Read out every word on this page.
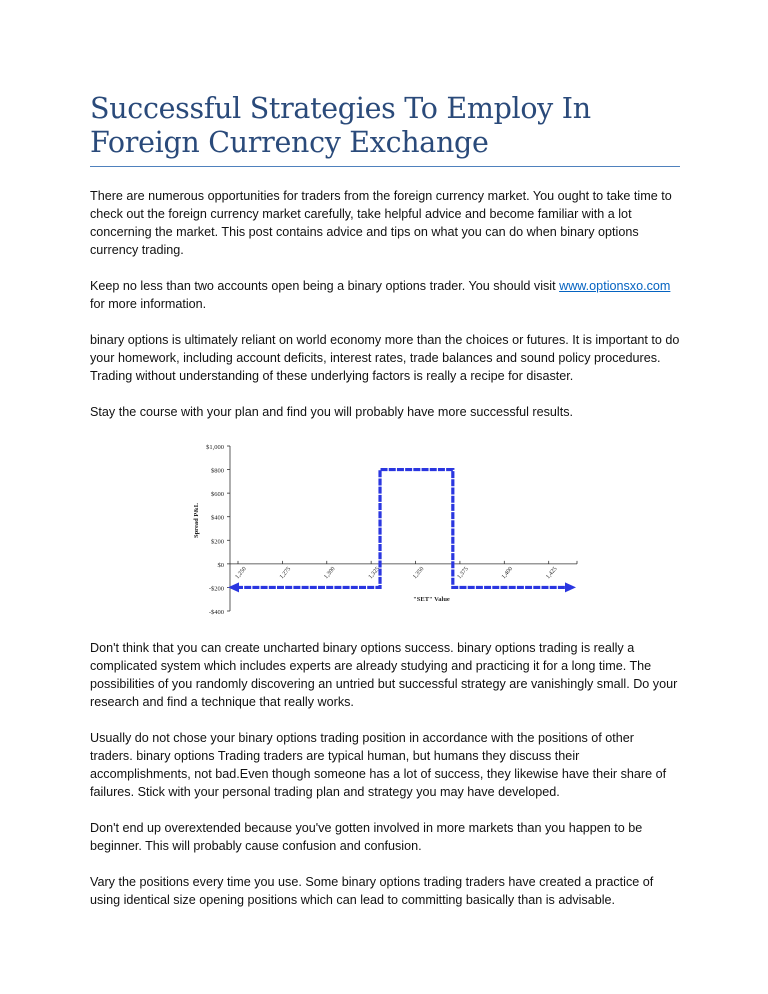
Successful Strategies To Employ In
Foreign Currency Exchange

There are numerous opportunities for traders from the foreign currency market. You ought to take time to check out the foreign currency market carefully, take helpful advice and become familiar with a lot concerning the market. This post contains advice and tips on what you can do when binary options currency trading.

Keep no less than two accounts open being a binary options trader. You should visit www.optionsxo.com for more information.

binary options is ultimately reliant on world economy more than the choices or futures. It is important to do your homework, including account deficits, interest rates, trade balances and sound policy procedures. Trading without understanding of these underlying factors is really a recipe for disaster.

Stay the course with your plan and find you will probably have more successful results.

$1,000
$800
$600
$400
$200
$0
-$200
-$400
Spread P&L
1,250	1,275	1,300	1,325	1,350	1,375	1,400	1,425
"SET" Value

Don't think that you can create uncharted binary options success. binary options trading is really a complicated system which includes experts are already studying and practicing it for a long time. The possibilities of you randomly discovering an untried but successful strategy are vanishingly small. Do your research and find a technique that really works.

Usually do not chose your binary options trading position in accordance with the positions of other traders. binary options Trading traders are typical human, but humans they discuss their accomplishments, not bad.Even though someone has a lot of success, they likewise have their share of failures. Stick with your personal trading plan and strategy you may have developed.

Don't end up overextended because you've gotten involved in more markets than you happen to be beginner. This will probably cause confusion and confusion.

Vary the positions every time you use. Some binary options trading traders have created a practice of using identical size opening positions which can lead to committing basically than is advisable.
